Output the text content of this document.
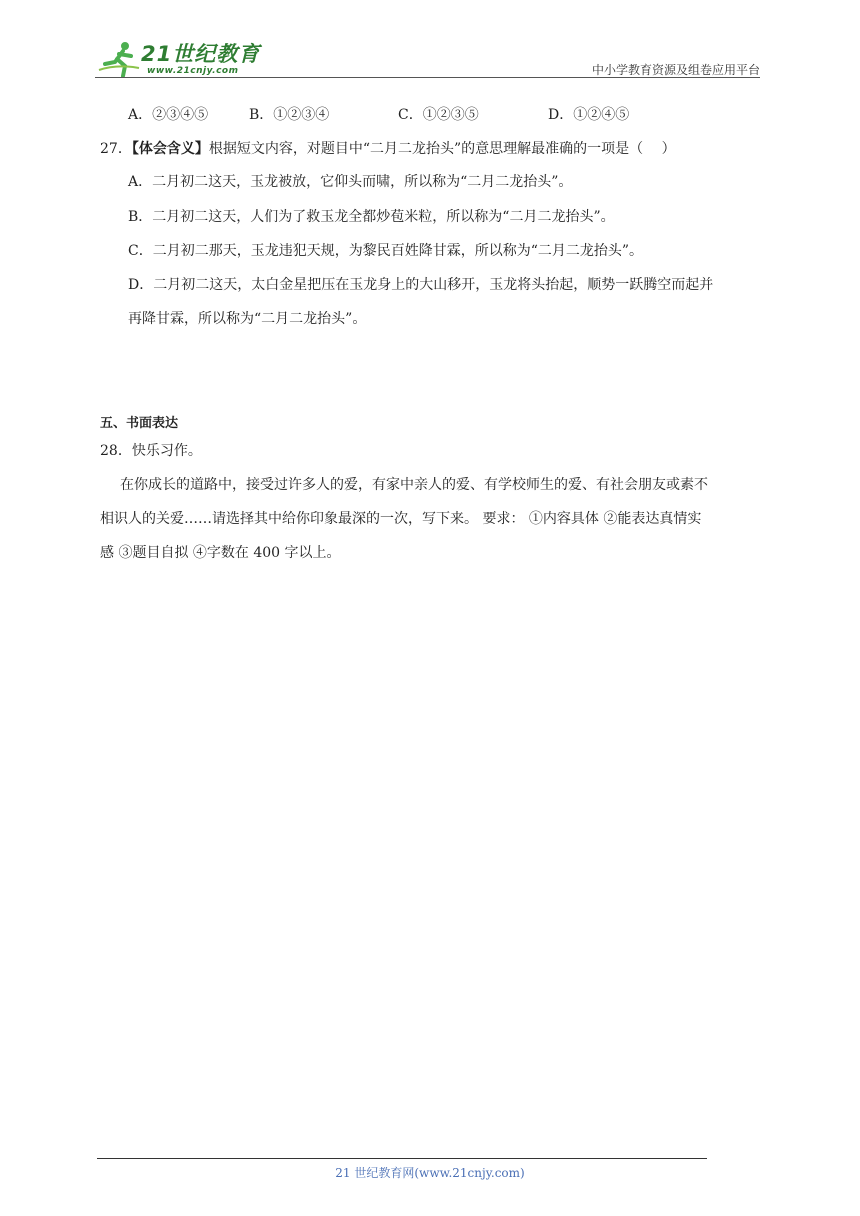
21世纪教育
www.21cnjy.com	中小学教育资源及组卷应用平台
A．②③④⑤	B．①②③④	C．①②③⑤	D．①②④⑤
27．【体会含义】根据短文内容，对题目中“二月二龙抬头”的意思理解最准确的一项是（　 ）
A．二月初二这天，玉龙被放，它仰头而啸，所以称为“二月二龙抬头”。
B．二月初二这天，人们为了救玉龙全都炒苞米粒，所以称为“二月二龙抬头”。
C．二月初二那天，玉龙违犯天规，为黎民百姓降甘霖，所以称为“二月二龙抬头”。
D．二月初二这天，太白金星把压在玉龙身上的大山移开，玉龙将头抬起，顺势一跃腾空而起并
再降甘霖，所以称为“二月二龙抬头”。
五、书面表达
28．快乐习作。
在你成长的道路中，接受过许多人的爱，有家中亲人的爱、有学校师生的爱、有社会朋友或素不
相识人的关爱……请选择其中给你印象最深的一次，写下来。 要求： ①内容具体 ②能表达真情实
感 ③题目自拟 ④字数在 400 字以上。
21 世纪教育网(www.21cnjy.com)
